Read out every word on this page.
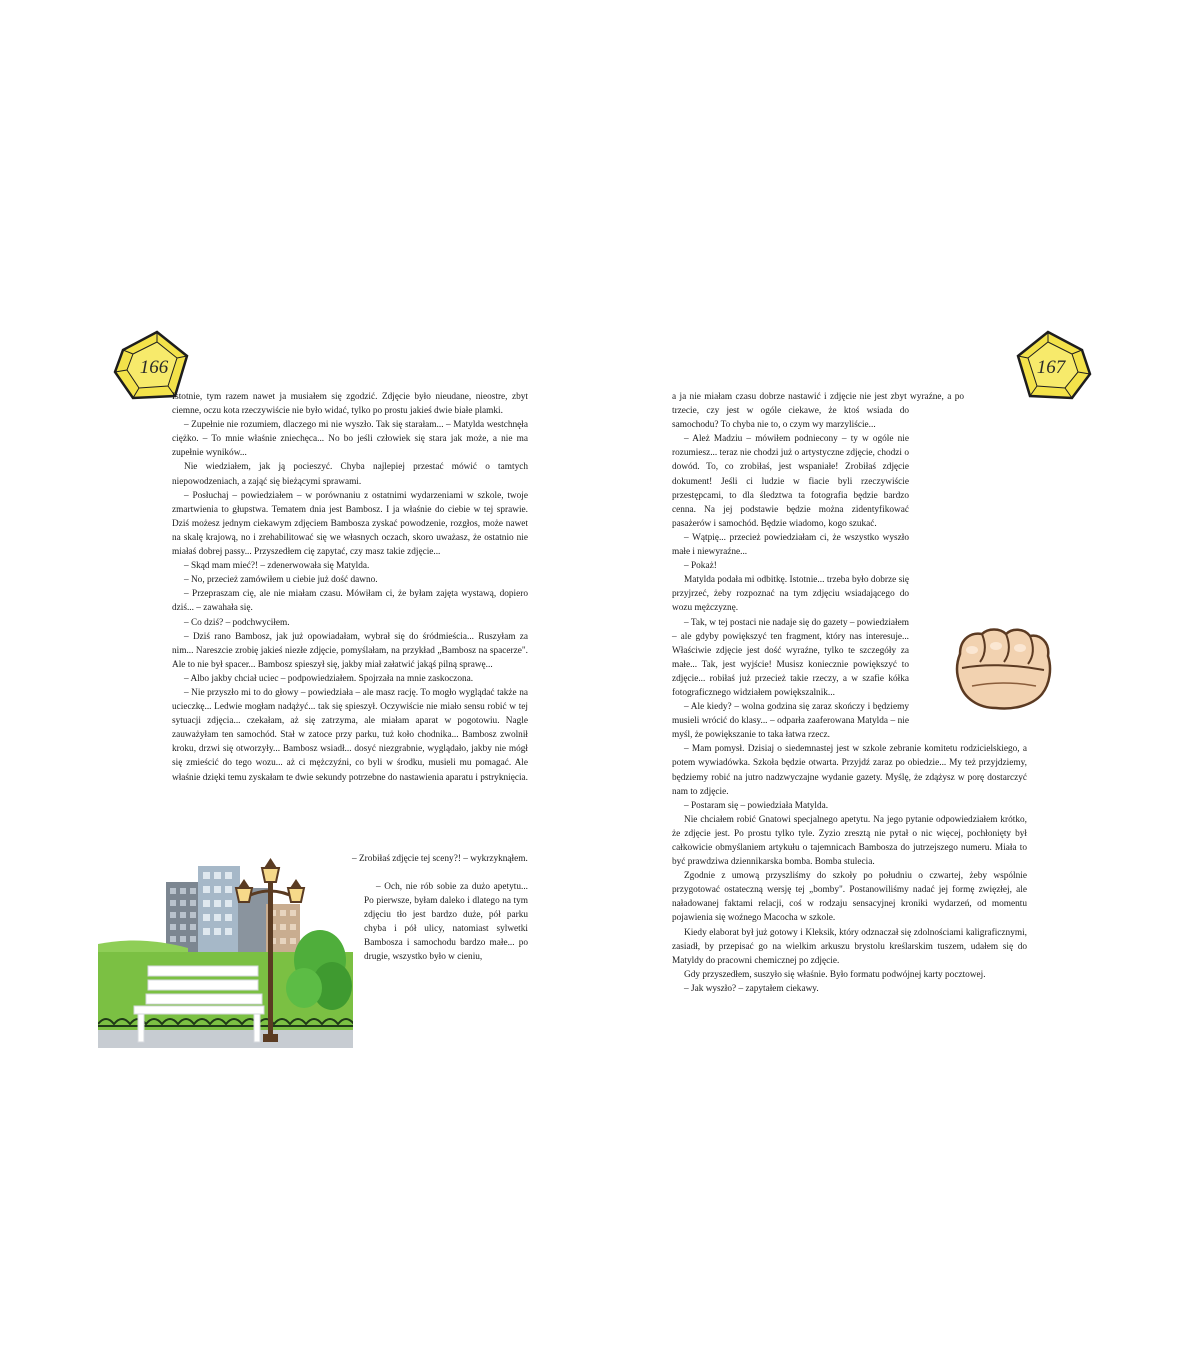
166	167

Istotnie, tym razem nawet ja musiałem się zgodzić. Zdjęcie było nieudane, nieostre, zbyt ciemne, oczu kota rzeczywiście nie było widać, tylko po prostu jakieś dwie białe plamki.

– Zupełnie nie rozumiem, dlaczego mi nie wyszło. Tak się starałam... – Matylda westchnęła ciężko. – To mnie właśnie zniechęca... No bo jeśli człowiek się stara jak może, a nie ma zupełnie wyników...

Nie wiedziałem, jak ją pocieszyć. Chyba najlepiej przestać mówić o tamtych niepowodzeniach, a zająć się bieżącymi sprawami.

– Posłuchaj – powiedziałem – w porównaniu z ostatnimi wydarzeniami w szkole, twoje zmartwienia to głupstwa. Tematem dnia jest Bambosz. I ja właśnie do ciebie w tej sprawie. Dziś możesz jednym ciekawym zdjęciem Bambosza zyskać powodzenie, rozgłos, może nawet na skalę krajową, no i zrehabilitować się we własnych oczach, skoro uważasz, że ostatnio nie miałaś dobrej passy... Przyszedłem cię zapytać, czy masz takie zdjęcie...

– Skąd mam mieć?! – zdenerwowała się Matylda.

– No, przecież zamówiłem u ciebie już dość dawno.

– Przepraszam cię, ale nie miałam czasu. Mówiłam ci, że byłam zajęta wystawą, dopiero dziś... – zawahała się.

– Co dziś? – podchwyciłem.

– Dziś rano Bambosz, jak już opowiadałam, wybrał się do śródmieścia... Ruszyłam za nim... Nareszcie zrobię jakieś niezłe zdjęcie, pomyślałam, na przykład „Bambosz na spacerze". Ale to nie był spacer... Bambosz spieszył się, jakby miał załatwić jakąś pilną sprawę...

– Albo jakby chciał uciec – podpowiedziałem. Spojrzała na mnie zaskoczona.

– Nie przyszło mi to do głowy – powiedziała – ale masz rację. To mogło wyglądać także na ucieczkę... Ledwie mogłam nadążyć... tak się spieszył. Oczywiście nie miało sensu robić w tej sytuacji zdjęcia... czekałam, aż się zatrzyma, ale miałam aparat w pogotowiu. Nagle zauważyłam ten samochód. Stał w zatoce przy parku, tuż koło chodnika... Bambosz zwolnił kroku, drzwi się otworzyły... Bambosz wsiadł... dosyć niezgrabnie, wyglądało, jakby nie mógł się zmieścić do tego wozu... aż ci mężczyźni, co byli w środku, musieli mu pomagać. Ale właśnie dzięki temu zyskałam te dwie sekundy potrzebne do nastawienia aparatu i pstryknięcia.

– Zrobiłaś zdjęcie tej sceny?! – wykrzyknąłem.

– Och, nie rób sobie za dużo apetytu... Po pierwsze, byłam daleko i dlatego na tym zdjęciu tło jest bardzo duże, pół parku chyba i pół ulicy, natomiast sylwetki Bambosza i samochodu bardzo małe... po drugie, wszystko było w cieniu,

a ja nie miałam czasu dobrze nastawić i zdjęcie nie jest zbyt wyraźne, a po trzecie, czy jest w ogóle ciekawe, że ktoś wsiada do samochodu? To chyba nie to, o czym wy marzyliście...

– Ależ Madziu – mówiłem podniecony – ty w ogóle nie rozumiesz... teraz nie chodzi już o artystyczne zdjęcie, chodzi o dowód. To, co zrobiłaś, jest wspaniałe! Zrobiłaś zdjęcie dokument! Jeśli ci ludzie w fiacie byli rzeczywiście przestępcami, to dla śledztwa ta fotografia będzie bardzo cenna. Na jej podstawie będzie można zidentyfikować pasażerów i samochód. Będzie wiadomo, kogo szukać.

– Wątpię... przecież powiedziałam ci, że wszystko wyszło małe i niewyraźne...

– Pokaż!

Matylda podała mi odbitkę. Istotnie... trzeba było dobrze się przyjrzeć, żeby rozpoznać na tym zdjęciu wsiadającego do wozu mężczyznę.

– Tak, w tej postaci nie nadaje się do gazety – powiedziałem – ale gdyby powiększyć ten fragment, który nas interesuje... Właściwie zdjęcie jest dość wyraźne, tylko te szczegóły za małe... Tak, jest wyjście! Musisz koniecznie powiększyć to zdjęcie... robiłaś już przecież takie rzeczy, a w szafie kółka fotograficznego widziałem powiększalnik...

– Ale kiedy? – wolna godzina się zaraz skończy i będziemy musieli wrócić do klasy... – odparła zaaferowana Matylda – nie myśl, że powiększanie to taka łatwa rzecz.

– Mam pomysł. Dzisiaj o siedemnastej jest w szkole zebranie komitetu rodzicielskiego, a potem wywiadówka. Szkoła będzie otwarta. Przyjdź zaraz po obiedzie... My też przyjdziemy, będziemy robić na jutro nadzwyczajne wydanie gazety. Myślę, że zdążysz w porę dostarczyć nam to zdjęcie.

– Postaram się – powiedziała Matylda.

Nie chciałem robić Gnatowi specjalnego apetytu. Na jego pytanie odpowiedziałem krótko, że zdjęcie jest. Po prostu tylko tyle. Zyzio zresztą nie pytał o nic więcej, pochłonięty był całkowicie obmyślaniem artykułu o tajemnicach Bambosza do jutrzejszego numeru. Miała to być prawdziwa dziennikarska bomba. Bomba stulecia.

Zgodnie z umową przyszliśmy do szkoły po południu o czwartej, żeby wspólnie przygotować ostateczną wersję tej „bomby". Postanowiliśmy nadać jej formę zwięzłej, ale naładowanej faktami relacji, coś w rodzaju sensacyjnej kroniki wydarzeń, od momentu pojawienia się woźnego Macocha w szkole.

Kiedy elaborat był już gotowy i Kleksik, który odznaczał się zdolnościami kaligraficznymi, zasiadł, by przepisać go na wielkim arkuszu brystolu kreślarskim tuszem, udałem się do Matyldy do pracowni chemicznej po zdjęcie.

Gdy przyszedłem, suszyło się właśnie. Było formatu podwójnej karty pocztowej.

– Jak wyszło? – zapytałem ciekawy.
